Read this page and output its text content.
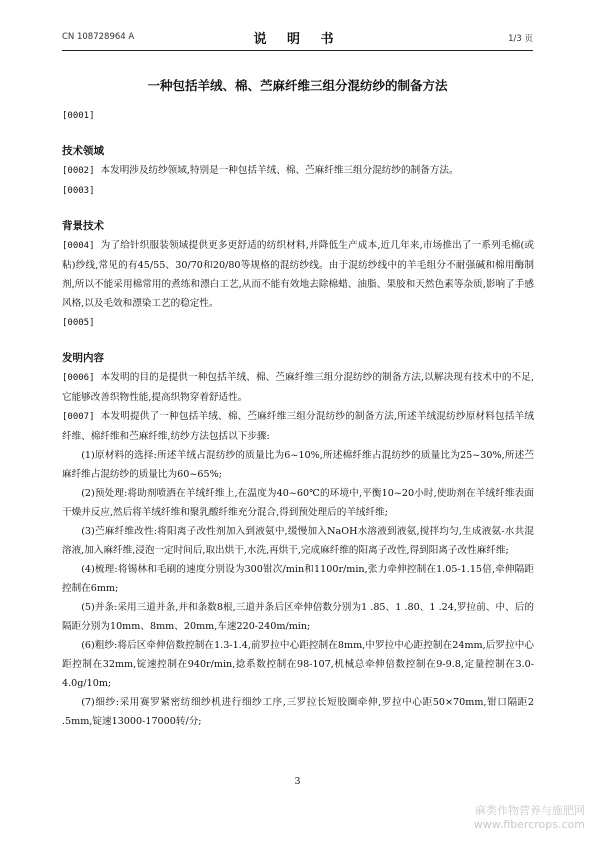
CN 108728964 A	说 明 书	1/3 页
一种包括羊绒、棉、苎麻纤维三组分混纺纱的制备方法

[0001]

技术领域

[0002] 本发明涉及纺纱领域,特别是一种包括羊绒、棉、苎麻纤维三组分混纺纱的制备方法。

[0003]

背景技术

[0004] 为了给针织服装领域提供更多更舒适的纺织材料,并降低生产成本,近几年来,市场推出了一系列毛棉(或粘)纱线,常见的有45/55、30/70和20/80等规格的混纺纱线。由于混纺纱线中的羊毛组分不耐强碱和棉用酶制剂,所以不能采用棉常用的煮练和漂白工艺,从而不能有效地去除棉蜡、油脂、果胶和天然色素等杂质,影响了手感风格,以及毛效和漂染工艺的稳定性。

[0005]

发明内容

[0006] 本发明的目的是提供一种包括羊绒、棉、苎麻纤维三组分混纺纱的制备方法,以解决现有技术中的不足,它能够改善织物性能,提高织物穿着舒适性。

[0007] 本发明提供了一种包括羊绒、棉、苎麻纤维三组分混纺纱的制备方法,所述羊绒混纺纱原材料包括羊绒纤维、棉纤维和苎麻纤维,纺纱方法包括以下步骤:

(1)原材料的选择:所述羊绒占混纺纱的质量比为6~10%,所述棉纤维占混纺纱的质量比为25~30%,所述苎麻纤维占混纺纱的质量比为60~65%;

(2)预处理:将助剂喷洒在羊绒纤维上,在温度为40~60℃的环境中,平衡10~20小时,使助剂在羊绒纤维表面干燥并反应,然后将羊绒纤维和聚乳酸纤维充分混合,得到预处理后的羊绒纤维;

(3)苎麻纤维改性:将阳离子改性剂加入到液氨中,缓慢加入NaOH水溶液到液氨,搅拌均匀,生成液氨-水共混溶液,加入麻纤维,浸泡一定时间后,取出烘干,水洗,再烘干,完成麻纤维的阳离子改性,得到阳离子改性麻纤维;

(4)梳理:将锡林和毛刷的速度分别设为300钳次/min和1100r/min,张力牵伸控制在1.05-1.15倍,牵伸隔距控制在6mm;

(5)并条:采用三道并条,并和条数8根,三道并条后区牵伸倍数分别为1 .85、1 .80、1 .24,罗拉前、中、后的隔距分别为10mm、8mm、20mm,车速220-240m/min;

(6)粗纱:将后区牵伸倍数控制在1.3-1.4,前罗拉中心距控制在8mm,中罗拉中心距控制在24mm,后罗拉中心距控制在32mm,锭速控制在940r/min,捻系数控制在98-107,机械总牵伸倍数控制在9-9.8,定量控制在3.0-4.0g/10m;

(7)细纱:采用赛罗紧密纺细纱机进行细纱工序,三罗拉长短胶圈牵伸,罗拉中心距50×70mm,钳口隔距2 .5mm,锭速13000-17000转/分;

3
麻类作物营养与施肥网
www.fibercrops.com
